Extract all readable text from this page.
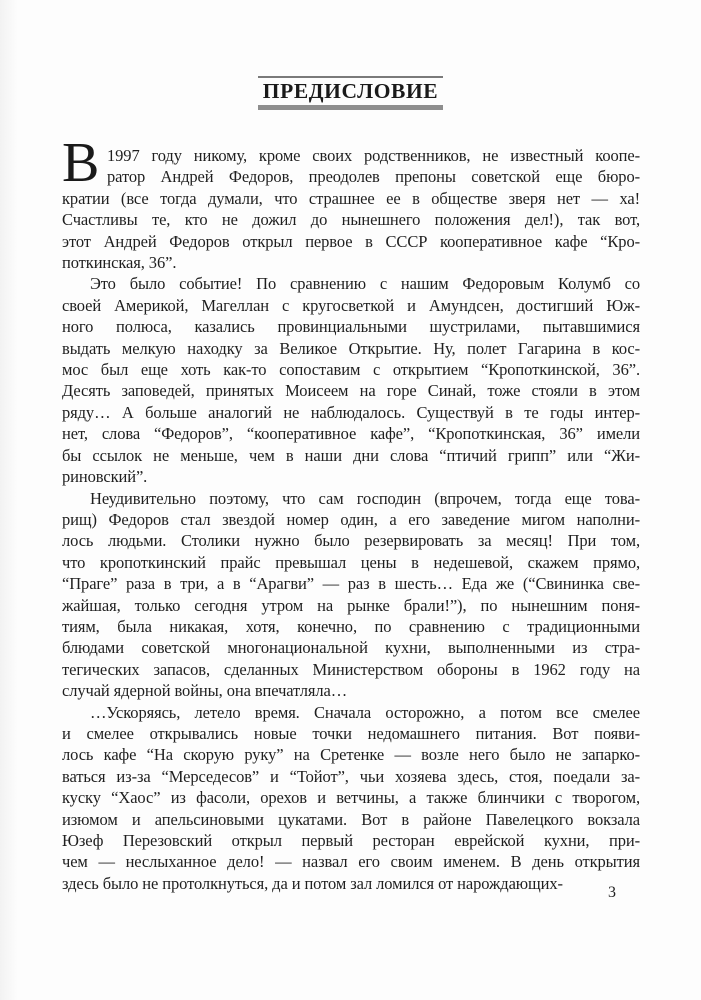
ПРЕДИСЛОВИЕ
В 1997 году никому, кроме своих родственников, не известный коопе-
ратор Андрей Федоров, преодолев препоны советской еще бюро-
кратии (все тогда думали, что страшнее ее в обществе зверя нет — ха!
Счастливы те, кто не дожил до нынешнего положения дел!), так вот,
этот Андрей Федоров открыл первое в СССР кооперативное кафе “Кро-
поткинская, 36”.
Это было событие! По сравнению с нашим Федоровым Колумб со
своей Америкой, Магеллан с кругосветкой и Амундсен, достигший Юж-
ного полюса, казались провинциальными шустрилами, пытавшимися
выдать мелкую находку за Великое Открытие. Ну, полет Гагарина в кос-
мос был еще хоть как-то сопоставим с открытием “Кропоткинской, 36”.
Десять заповедей, принятых Моисеем на горе Синай, тоже стояли в этом
ряду… А больше аналогий не наблюдалось. Существуй в те годы интер-
нет, слова “Федоров”, “кооперативное кафе”, “Кропоткинская, 36” имели
бы ссылок не меньше, чем в наши дни слова “птичий грипп” или “Жи-
риновский”.
Неудивительно поэтому, что сам господин (впрочем, тогда еще това-
рищ) Федоров стал звездой номер один, а его заведение мигом наполни-
лось людьми. Столики нужно было резервировать за месяц! При том,
что кропоткинский прайс превышал цены в недешевой, скажем прямо,
“Праге” раза в три, а в “Арагви” — раз в шесть… Еда же (“Свининка све-
жайшая, только сегодня утром на рынке брали!”), по нынешним поня-
тиям, была никакая, хотя, конечно, по сравнению с традиционными
блюдами советской многонациональной кухни, выполненными из стра-
тегических запасов, сделанных Министерством обороны в 1962 году на
случай ядерной войны, она впечатляла…
…Ускоряясь, летело время. Сначала осторожно, а потом все смелее
и смелее открывались новые точки недомашнего питания. Вот появи-
лось кафе “На скорую руку” на Сретенке — возле него было не запарко-
ваться из-за “Мерседесов” и “Тойот”, чьи хозяева здесь, стоя, поедали за-
куску “Хаос” из фасоли, орехов и ветчины, а также блинчики с творогом,
изюмом и апельсиновыми цукатами. Вот в районе Павелецкого вокзала
Юзеф Перезовский открыл первый ресторан еврейской кухни, при-
чем — неслыханное дело! — назвал его своим именем. В день открытия
здесь было не протолкнуться, да и потом зал ломился от нарождающих-	3
